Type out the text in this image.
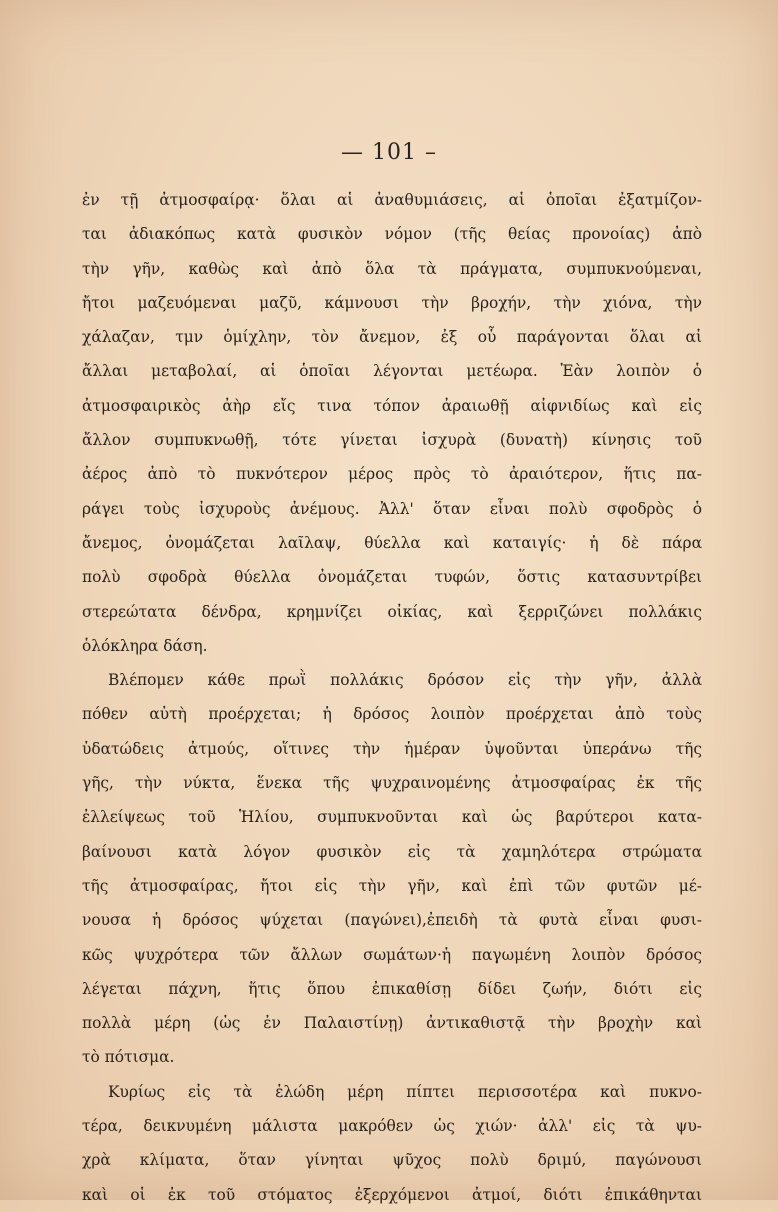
— 101 –
ἐν τῇ ἀτμοσφαίρᾳ· ὅλαι αἱ ἀναθυμιάσεις, αἱ ὁποῖαι ἐξατμίζον-
ται ἀδιακόπως κατὰ φυσικὸν νόμον (τῆς θείας προνοίας) ἀπὸ
τὴν γῆν, καθὼς καὶ ἀπὸ ὅλα τὰ πράγματα, συμπυκνούμεναι,
ἤτοι μαζευόμεναι μαζῦ, κάμνουσι τὴν βροχήν, τὴν χιόνα, τὴν
χάλαζαν, τμν ὁμίχλην, τὸν ἄνεμον, ἐξ οὗ παράγονται ὅλαι αἱ
ἄλλαι μεταβολαί, αἱ ὁποῖαι λέγονται μετέωρα. Ἐὰν λοιπὸν ὁ
ἀτμοσφαιρικὸς ἀὴρ εἴς τινα τόπον ἀραιωθῇ αἰφνιδίως καὶ εἰς
ἄλλον συμπυκνωθῇ, τότε γίνεται ἰσχυρὰ (δυνατὴ) κίνησις τοῦ
ἀέρος ἀπὸ τὸ πυκνότερον μέρος πρὸς τὸ ἀραιότερον, ἥτις πα-
ράγει τοὺς ἰσχυροὺς ἀνέμους. Ἀλλ' ὅταν εἶναι πολὺ σφοδρὸς ὁ
ἄνεμος, ὀνομάζεται λαῖλαψ, θύελλα καὶ καταιγίς· ἡ δὲ πάρα
πολὺ σφοδρὰ θύελλα ὀνομάζεται τυφών, ὅστις κατασυντρίβει
στερεώτατα δένδρα, κρημνίζει οἰκίας, καὶ ξερριζώνει πολλάκις
ὁλόκληρα δάση.
Βλέπομεν κάθε πρωῒ πολλάκις δρόσον εἰς τὴν γῆν, ἀλλὰ
πόθεν αὐτὴ προέρχεται; ἡ δρόσος λοιπὸν προέρχεται ἀπὸ τοὺς
ὑδατώδεις ἀτμούς, οἵτινες τὴν ἡμέραν ὑψοῦνται ὑπεράνω τῆς
γῆς, τὴν νύκτα, ἕνεκα τῆς ψυχραινομένης ἀτμοσφαίρας ἐκ τῆς
ἐλλείψεως τοῦ Ἡλίου, συμπυκνοῦνται καὶ ὡς βαρύτεροι κατα-
βαίνουσι κατὰ λόγον φυσικὸν εἰς τὰ χαμηλότερα στρώματα
τῆς ἀτμοσφαίρας, ἤτοι εἰς τὴν γῆν, καὶ ἐπὶ τῶν φυτῶν μέ-
νουσα ἡ δρόσος ψύχεται (παγώνει),ἐπειδὴ τὰ φυτὰ εἶναι φυσι-
κῶς ψυχρότερα τῶν ἄλλων σωμάτων·ἡ παγωμένη λοιπὸν δρόσος
λέγεται πάχνη, ἥτις ὅπου ἐπικαθίσῃ δίδει ζωήν, διότι εἰς
πολλὰ μέρη (ὡς ἐν Παλαιστίνῃ) ἀντικαθιστᾷ τὴν βροχὴν καὶ
τὸ πότισμα.
Κυρίως εἰς τὰ ἑλώδη μέρη πίπτει περισσοτέρα καὶ πυκνο-
τέρα, δεικνυμένη μάλιστα μακρόθεν ὡς χιών· ἀλλ' εἰς τὰ ψυ-
χρὰ κλίματα, ὅταν γίνηται ψῦχος πολὺ δριμύ, παγώνουσι
καὶ οἱ ἐκ τοῦ στόματος ἐξερχόμενοι ἀτμοί, διότι ἐπικάθηνται
